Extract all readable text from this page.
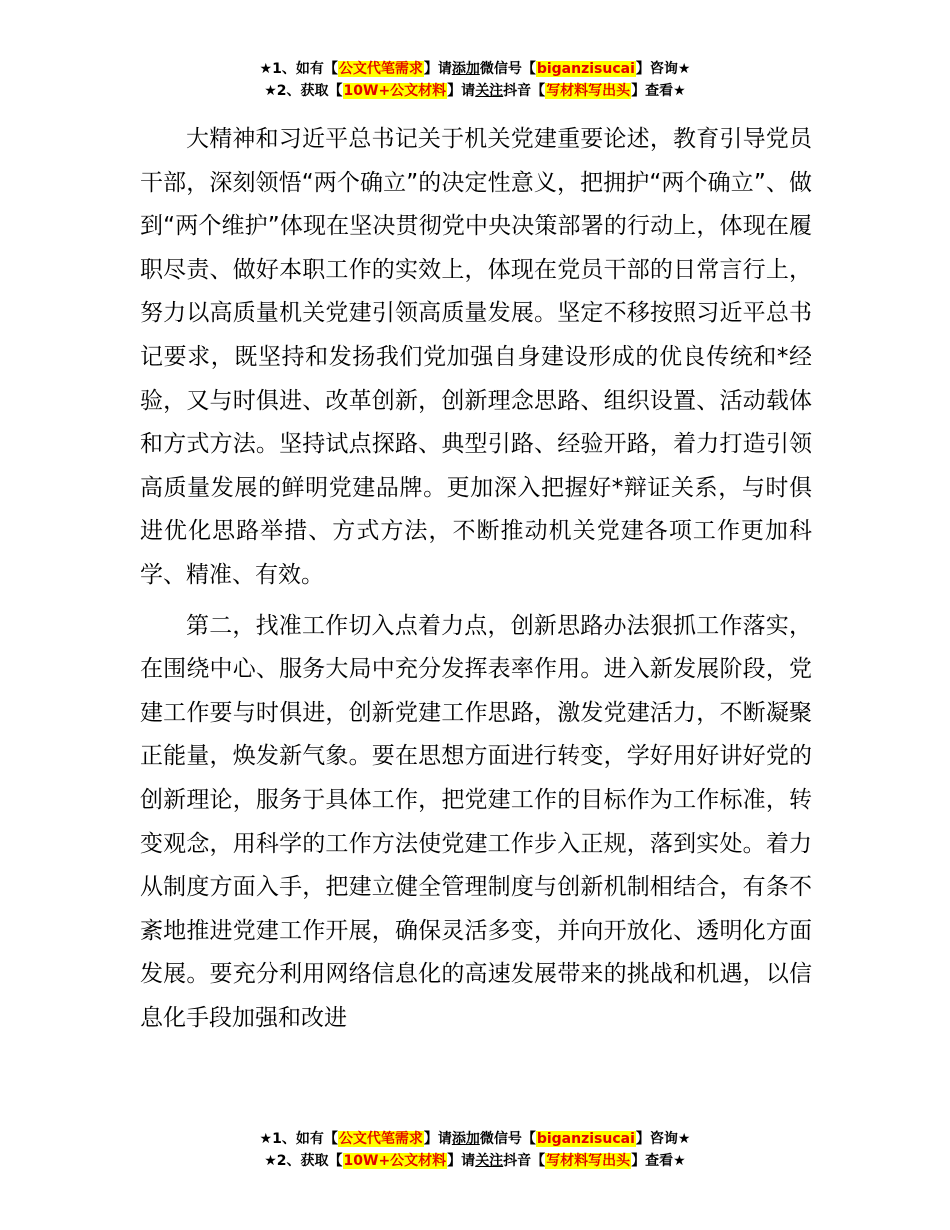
★1、如有【公文代笔需求】请添加微信号【biganzisucai】咨询★
★2、获取【10W+公文材料】请关注抖音【写材料写出头】查看★

大精神和习近平总书记关于机关党建重要论述，教育引导党员干部，深刻领悟“两个确立”的决定性意义，把拥护“两个确立”、做到“两个维护”体现在坚决贯彻党中央决策部署的行动上，体现在履职尽责、做好本职工作的实效上，体现在党员干部的日常言行上，努力以高质量机关党建引领高质量发展。坚定不移按照习近平总书记要求，既坚持和发扬我们党加强自身建设形成的优良传统和*经验，又与时俱进、改革创新，创新理念思路、组织设置、活动载体和方式方法。坚持试点探路、典型引路、经验开路，着力打造引领高质量发展的鲜明党建品牌。更加深入把握好*辩证关系，与时俱进优化思路举措、方式方法，不断推动机关党建各项工作更加科学、精准、有效。

第二，找准工作切入点着力点，创新思路办法狠抓工作落实，在围绕中心、服务大局中充分发挥表率作用。进入新发展阶段，党建工作要与时俱进，创新党建工作思路，激发党建活力，不断凝聚正能量，焕发新气象。要在思想方面进行转变，学好用好讲好党的创新理论，服务于具体工作，把党建工作的目标作为工作标准，转变观念，用科学的工作方法使党建工作步入正规，落到实处。着力从制度方面入手，把建立健全管理制度与创新机制相结合，有条不紊地推进党建工作开展，确保灵活多变，并向开放化、透明化方面发展。要充分利用网络信息化的高速发展带来的挑战和机遇，以信息化手段加强和改进

★1、如有【公文代笔需求】请添加微信号【biganzisucai】咨询★
★2、获取【10W+公文材料】请关注抖音【写材料写出头】查看★
